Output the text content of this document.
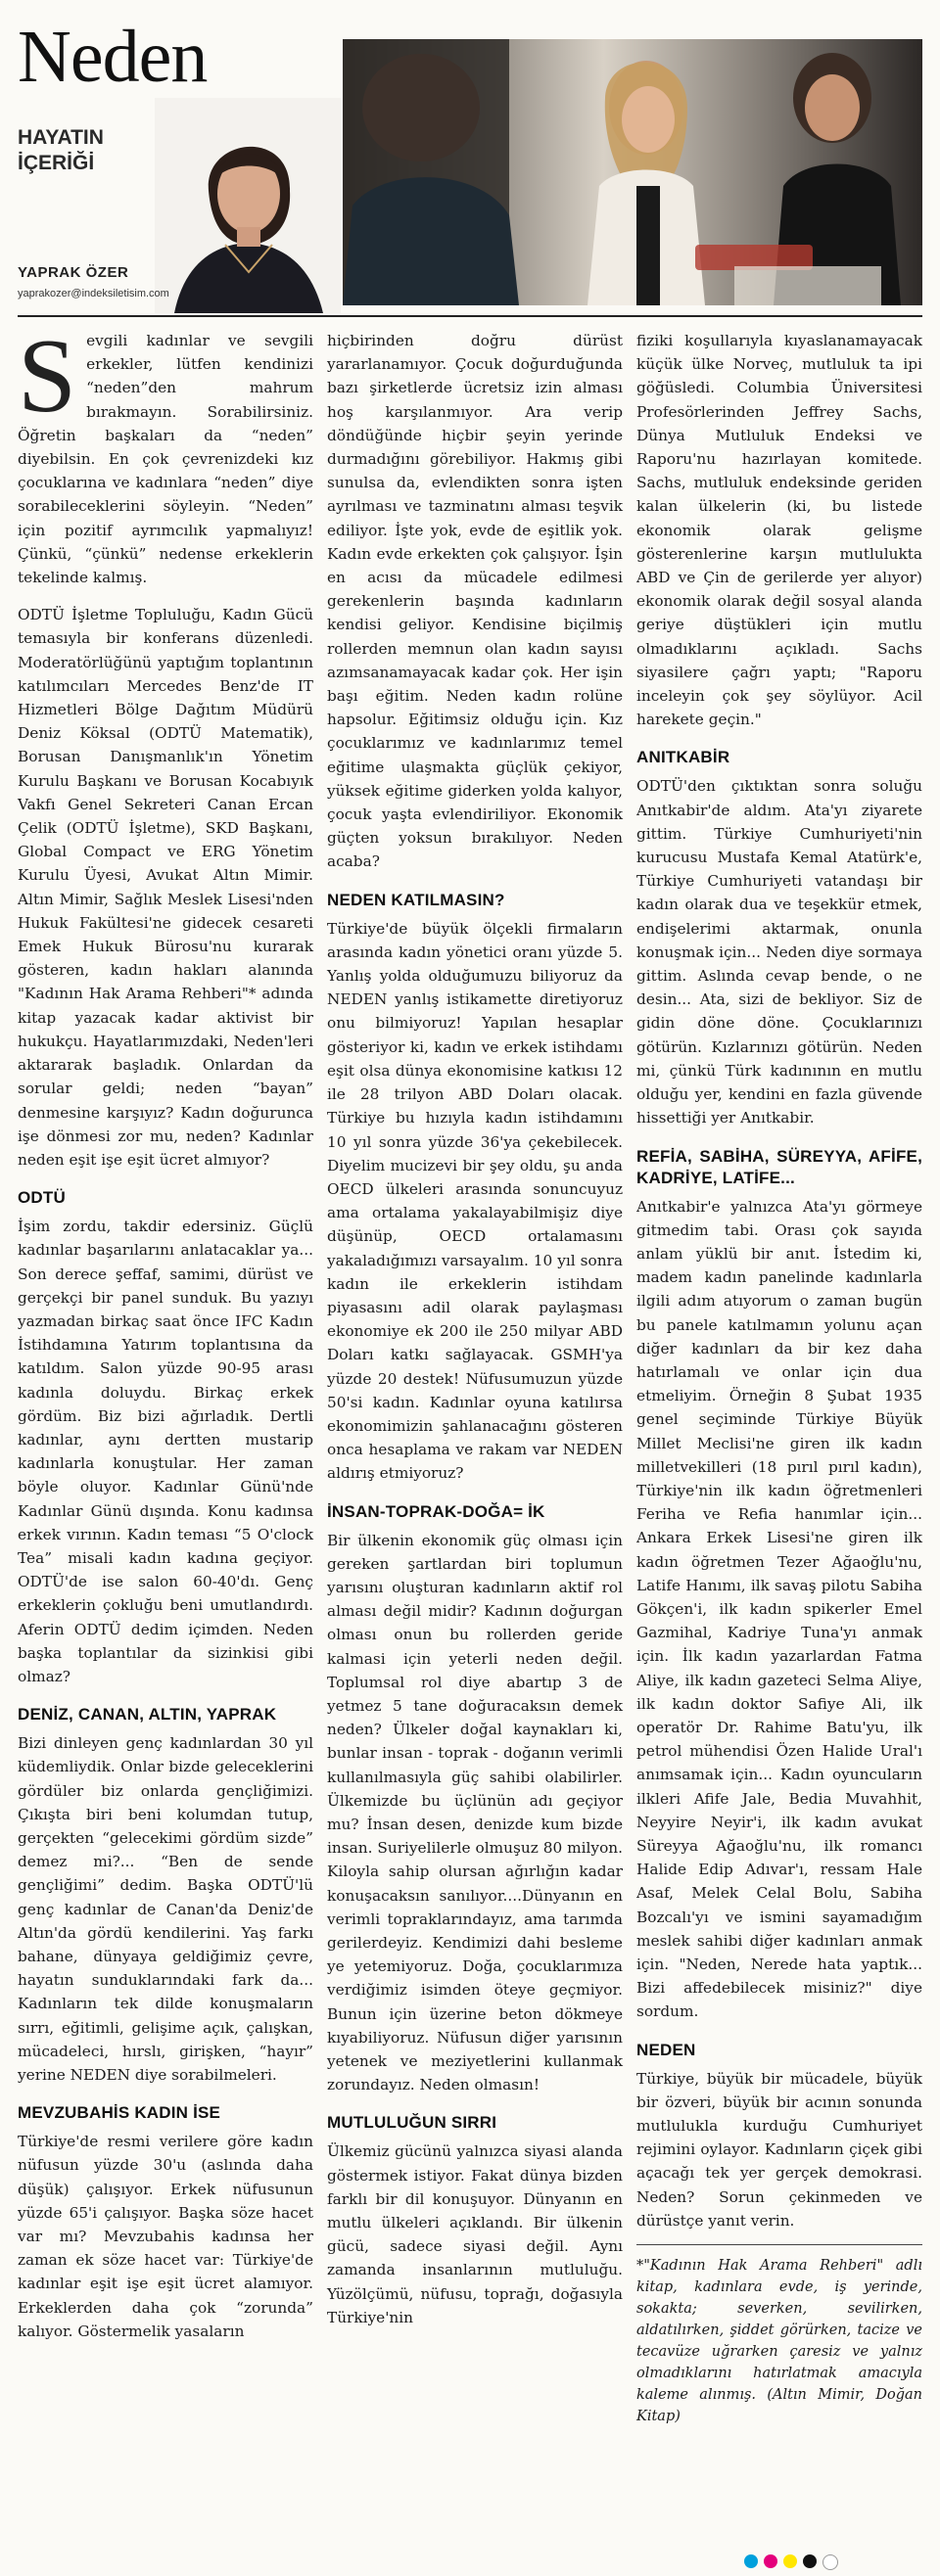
Neden
HAYATIN
İÇERİĞİ
YAPRAK ÖZER
yaprakozer@indeksiletisim.com

Sevgili kadınlar ve sevgili erkekler, lütfen kendinizi “neden”den mahrum bırakmayın. Sorabilirsiniz. Öğretin başkaları da “neden” diyebilsin. En çok çevrenizdeki kız çocuklarına ve kadınlara “neden” diye sorabileceklerini söyleyin. “Neden” için pozitif ayrımcılık yapmalıyız! Çünkü, “çünkü” nedense erkeklerin tekelinde kalmış.

ODTÜ İşletme Topluluğu, Kadın Gücü temasıyla bir konferans düzenledi. Moderatörlüğünü yaptığım toplantının katılımcıları Mercedes Benz'de IT Hizmetleri Bölge Dağıtım Müdürü Deniz Köksal (ODTÜ Matematik), Borusan Danışmanlık'ın Yönetim Kurulu Başkanı ve Borusan Kocabıyık Vakfı Genel Sekreteri Canan Ercan Çelik (ODTÜ İşletme), SKD Başkanı, Global Compact ve ERG Yönetim Kurulu Üyesi, Avukat Altın Mimir. Altın Mimir, Sağlık Meslek Lisesi'nden Hukuk Fakültesi'ne gidecek cesareti Emek Hukuk Bürosu'nu kurarak gösteren, kadın hakları alanında "Kadının Hak Arama Rehberi"* adında kitap yazacak kadar aktivist bir hukukçu. Hayatlarımızdaki, Neden'leri aktararak başladık. Onlardan da sorular geldi; neden “bayan” denmesine karşıyız? Kadın doğurunca işe dönmesi zor mu, neden? Kadınlar neden eşit işe eşit ücret almıyor?

ODTÜ

İşim zordu, takdir edersiniz. Güçlü kadınlar başarılarını anlatacaklar ya... Son derece şeffaf, samimi, dürüst ve gerçekçi bir panel sunduk. Bu yazıyı yazmadan birkaç saat önce IFC Kadın İstihdamına Yatırım toplantısına da katıldım. Salon yüzde 90-95 arası kadınla doluydu. Birkaç erkek gördüm. Biz bizi ağırladık. Dertli kadınlar, aynı dertten mustarip kadınlarla konuştular. Her zaman böyle oluyor. Kadınlar Günü'nde Kadınlar Günü dışında. Konu kadınsa erkek vırının. Kadın teması “5 O'clock Tea” misali kadın kadına geçiyor. ODTÜ'de ise salon 60-40'dı. Genç erkeklerin çokluğu beni umutlandırdı. Aferin ODTÜ dedim içimden. Neden başka toplantılar da sizinkisi gibi olmaz?

DENİZ, CANAN, ALTIN, YAPRAK

Bizi dinleyen genç kadınlardan 30 yıl küdemliydik. Onlar bizde geleceklerini gördüler biz onlarda gençliğimizi. Çıkışta biri beni kolumdan tutup, gerçekten “gelecekimi gördüm sizde” demez mi?... “Ben de sende gençliğimi” dedim. Başka ODTÜ'lü genç kadınlar de Canan'da Deniz'de Altın'da gördü kendilerini. Yaş farkı bahane, dünyaya geldiğimiz çevre, hayatın sunduklarındaki fark da... Kadınların tek dilde konuşmaların sırrı, eğitimli, gelişime açık, çalışkan, mücadeleci, hırslı, girişken, “hayır” yerine NEDEN diye sorabilmeleri.

MEVZUBAHİS KADIN İSE

Türkiye'de resmi verilere göre kadın nüfusun yüzde 30'u (aslında daha düşük) çalışıyor. Erkek nüfusunun yüzde 65'i çalışıyor. Başka söze hacet var mı? Mevzubahis kadınsa her zaman ek söze hacet var: Türkiye'de kadınlar eşit işe eşit ücret alamıyor. Erkeklerden daha çok “zorunda” kalıyor. Göstermelik yasaların

hiçbirinden doğru dürüst yararlanamıyor. Çocuk doğurduğunda bazı şirketlerde ücretsiz izin alması hoş karşılanmıyor. Ara verip döndüğünde hiçbir şeyin yerinde durmadığını görebiliyor. Hakmış gibi sunulsa da, evlendikten sonra işten ayrılması ve tazminatını alması teşvik ediliyor. İşte yok, evde de eşitlik yok. Kadın evde erkekten çok çalışıyor. İşin en acısı da mücadele edilmesi gerekenlerin başında kadınların kendisi geliyor. Kendisine biçilmiş rollerden memnun olan kadın sayısı azımsanamayacak kadar çok. Her işin başı eğitim. Neden kadın rolüne hapsolur. Eğitimsiz olduğu için. Kız çocuklarımız ve kadınlarımız temel eğitime ulaşmakta güçlük çekiyor, yüksek eğitime giderken yolda kalıyor, çocuk yaşta evlendiriliyor. Ekonomik güçten yoksun bırakılıyor. Neden acaba?

NEDEN KATILMASIN?

Türkiye'de büyük ölçekli firmaların arasında kadın yönetici oranı yüzde 5. Yanlış yolda olduğumuzu biliyoruz da NEDEN yanlış istikamette diretiyoruz onu bilmiyoruz! Yapılan hesaplar gösteriyor ki, kadın ve erkek istihdamı eşit olsa dünya ekonomisine katkısı 12 ile 28 trilyon ABD Doları olacak. Türkiye bu hızıyla kadın istihdamını 10 yıl sonra yüzde 36'ya çekebilecek. Diyelim mucizevi bir şey oldu, şu anda OECD ülkeleri arasında sonuncuyuz ama ortalama yakalayabilmişiz diye düşünüp, OECD ortalamasını yakaladığımızı varsayalım. 10 yıl sonra kadın ile erkeklerin istihdam piyasasını adil olarak paylaşması ekonomiye ek 200 ile 250 milyar ABD Doları katkı sağlayacak. GSMH'ya yüzde 20 destek! Nüfusumuzun yüzde 50'si kadın. Kadınlar oyuna katılırsa ekonomimizin şahlanacağını gösteren onca hesaplama ve rakam var NEDEN aldırış etmiyoruz?

İNSAN-TOPRAK-DOĞA= İK

Bir ülkenin ekonomik güç olması için gereken şartlardan biri toplumun yarısını oluşturan kadınların aktif rol alması değil midir? Kadının doğurgan olması onun bu rollerden geride kalmasi için yeterli neden değil. Toplumsal rol diye abartıp 3 de yetmez 5 tane doğuracaksın demek neden? Ülkeler doğal kaynakları ki, bunlar insan - toprak - doğanın verimli kullanılmasıyla güç sahibi olabilirler. Ülkemizde bu üçlünün adı geçiyor mu? İnsan desen, denizde kum bizde insan. Suriyelilerle olmuşuz 80 milyon. Kiloyla sahip olursan ağırlığın kadar konuşacaksın sanılıyor....Dünyanın en verimli topraklarındayız, ama tarımda gerilerdeyiz. Kendimizi dahi besleme ye yetemiyoruz. Doğa, çocuklarımıza verdiğimiz isimden öteye geçmiyor. Bunun için üzerine beton dökmeye kıyabiliyoruz. Nüfusun diğer yarısının yetenek ve meziyetlerini kullanmak zorundayız. Neden olmasın!

MUTLULUĞUN SIRRI

Ülkemiz gücünü yalnızca siyasi alanda göstermek istiyor. Fakat dünya bizden farklı bir dil konuşuyor. Dünyanın en mutlu ülkeleri açıklandı. Bir ülkenin gücü, sadece siyasi değil. Aynı zamanda insanlarının mutluluğu. Yüzölçümü, nüfusu, toprağı, doğasıyla Türkiye'nin

fiziki koşullarıyla kıyaslanamayacak küçük ülke Norveç, mutluluk ta ipi göğüsledi. Columbia Üniversitesi Profesörlerinden Jeffrey Sachs, Dünya Mutluluk Endeksi ve Raporu'nu hazırlayan komitede. Sachs, mutluluk endeksinde geriden kalan ülkelerin (ki, bu listede ekonomik olarak gelişme gösterenlerine karşın mutluluktа ABD ve Çin de gerilerde yer alıyor) ekonomik olarak değil sosyal alanda geriye düştükleri için mutlu olmadıklarını açıkladı. Sachs siyasilere çağrı yaptı; "Raporu inceleyin çok şey söylüyor. Acil harekete geçin."

ANITKABİR

ODTÜ'den çıktıktan sonra soluğu Anıtkabir'de aldım. Ata'yı ziyarete gittim. Türkiye Cumhuriyeti'nin kurucusu Mustafa Kemal Atatürk'e, Türkiye Cumhuriyeti vatandaşı bir kadın olarak dua ve teşekkür etmek, endişelerimi aktarmak, onunla konuşmak için... Neden diye sormaya gittim. Aslında cevap bende, o ne desin... Ata, sizi de bekliyor. Siz de gidin döne döne. Çocuklarınızı götürün. Kızlarınızı götürün. Neden mi, çünkü Türk kadınının en mutlu olduğu yer, kendini en fazla güvende hissettiği yer Anıtkabir.

REFİA, SABİHA, SÜREYYA, AFİFE, KADRİYE, LATİFE...

Anıtkabir'e yalnızca Ata'yı görmeye gitmedim tabi. Orası çok sayıda anlam yüklü bir anıt. İstedim ki, madem kadın panelinde kadınlarla ilgili adım atıyorum o zaman bugün bu panele katılmamın yolunu açan diğer kadınları da bir kez daha hatırlamalı ve onlar için dua etmeliyim. Örneğin 8 Şubat 1935 genel seçiminde Türkiye Büyük Millet Meclisi'ne giren ilk kadın milletvekilleri (18 pırıl pırıl kadın), Türkiye'nin ilk kadın öğretmenleri Feriha ve Refia hanımlar için... Ankara Erkek Lisesi'ne giren ilk kadın öğretmen Tezer Ağaoğlu'nu, Latife Hanımı, ilk savaş pilotu Sabiha Gökçen'i, ilk kadın spikerler Emel Gazmihal, Kadriye Tuna'yı anmak için. İlk kadın yazarlardan Fatma Aliye, ilk kadın gazeteci Selma Aliye, ilk kadın doktor Safiye Ali, ilk operatör Dr. Rahime Batu'yu, ilk petrol mühendisi Özen Halide Ural'ı anımsamak için... Kadın oyuncuların ilkleri Afife Jale, Bedia Muvahhit, Neyyire Neyir'i, ilk kadın avukat Süreyya Ağaoğlu'nu, ilk romancı Halide Edip Adıvar'ı, ressam Hale Asaf, Melek Celal Bolu, Sabiha Bozcalı'yı ve ismini sayamadığım meslek sahibi diğer kadınları anmak için. "Neden, Nerede hata yaptık... Bizi affedebilecek misiniz?" diye sordum.

NEDEN

Türkiye, büyük bir mücadele, büyük bir özveri, büyük bir acının sonunda mutlulukla kurduğu Cumhuriyet rejimini oylayor. Kadınların çiçek gibi açacağı tek yer gerçek demokrasi. Neden? Sorun çekinmeden ve dürüstçe yanıt verin.

*"Kadının Hak Arama Rehberi" adlı kitap, kadınlara evde, iş yerinde, sokakta; severken, sevilirken, aldatılırken, şiddet görürken, tacize ve tecavüze uğrarken çaresiz ve yalnız olmadıklarını hatırlatmak amacıyla kaleme alınmış. (Altın Mimir, Doğan Kitap)
